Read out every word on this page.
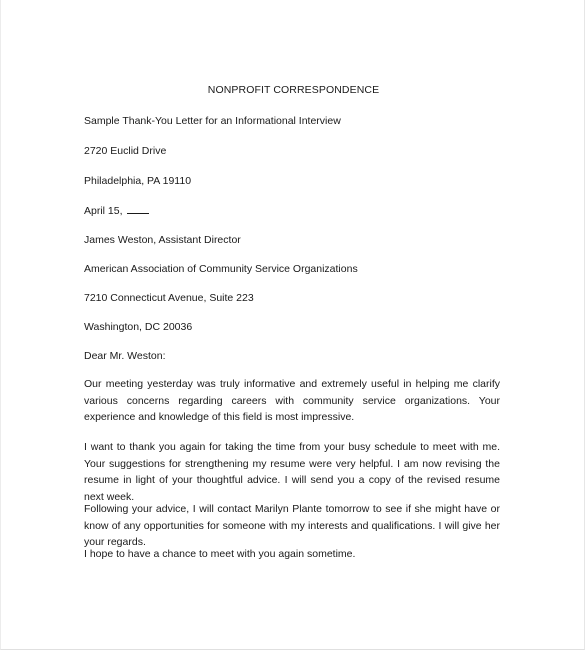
NONPROFIT CORRESPONDENCE
Sample Thank-You Letter for an Informational Interview
2720 Euclid Drive
Philadelphia, PA 19110
April 15,
James Weston, Assistant Director
American Association of Community Service Organizations
7210 Connecticut Avenue, Suite 223
Washington, DC 20036
Dear Mr. Weston:
Our meeting yesterday was truly informative and extremely useful in helping me clarify various concerns regarding careers with community service organizations. Your experience and knowledge of this field is most impressive.
I want to thank you again for taking the time from your busy schedule to meet with me. Your suggestions for strengthening my resume were very helpful. I am now revising the resume in light of your thoughtful advice. I will send you a copy of the revised resume next week.
Following your advice, I will contact Marilyn Plante tomorrow to see if she might have or know of any opportunities for someone with my interests and qualifications. I will give her your regards.
I hope to have a chance to meet with you again sometime.
